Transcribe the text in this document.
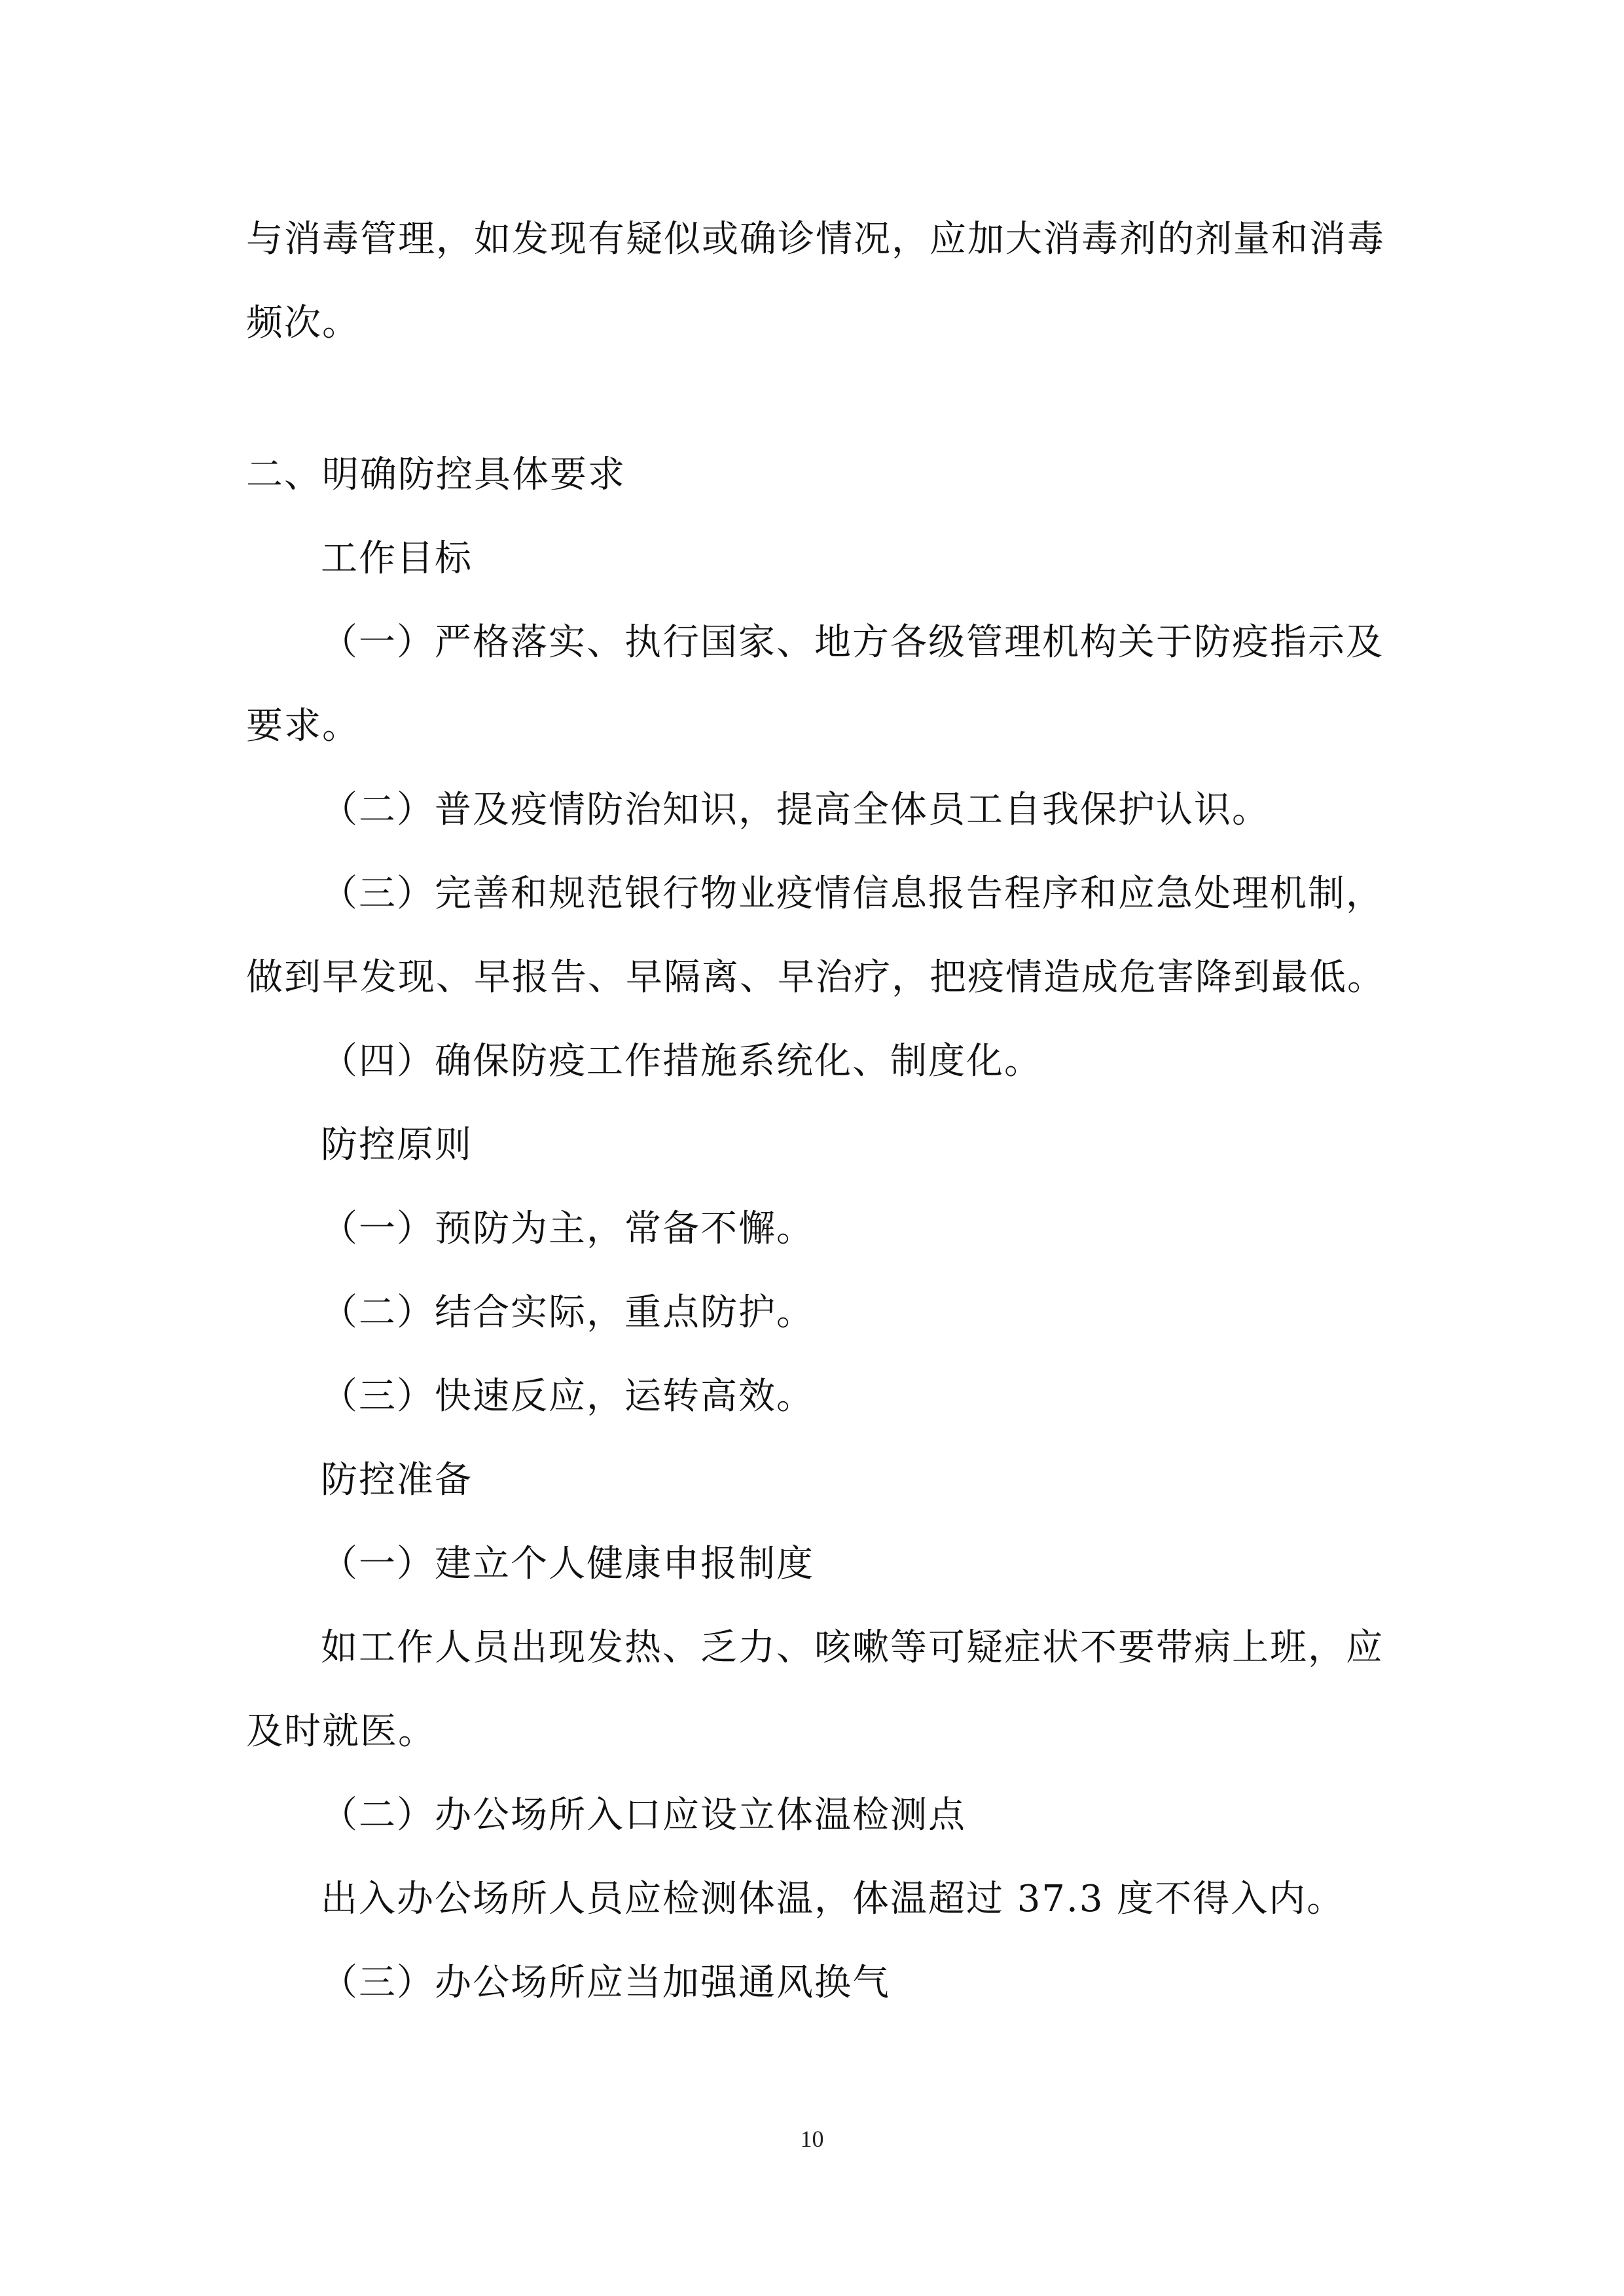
与消毒管理，如发现有疑似或确诊情况，应加大消毒剂的剂量和消毒
频次。
二、明确防控具体要求
工作目标
（一）严格落实、执行国家、地方各级管理机构关于防疫指示及
要求。
（二）普及疫情防治知识，提高全体员工自我保护认识。
（三）完善和规范银行物业疫情信息报告程序和应急处理机制，
做到早发现、早报告、早隔离、早治疗，把疫情造成危害降到最低。
（四）确保防疫工作措施系统化、制度化。
防控原则
（一）预防为主，常备不懈。
（二）结合实际，重点防护。
（三）快速反应，运转高效。
防控准备
（一）建立个人健康申报制度
如工作人员出现发热、乏力、咳嗽等可疑症状不要带病上班，应
及时就医。
（二）办公场所入口应设立体温检测点
出入办公场所人员应检测体温，体温超过 37.3 度不得入内。
（三）办公场所应当加强通风换气
10
